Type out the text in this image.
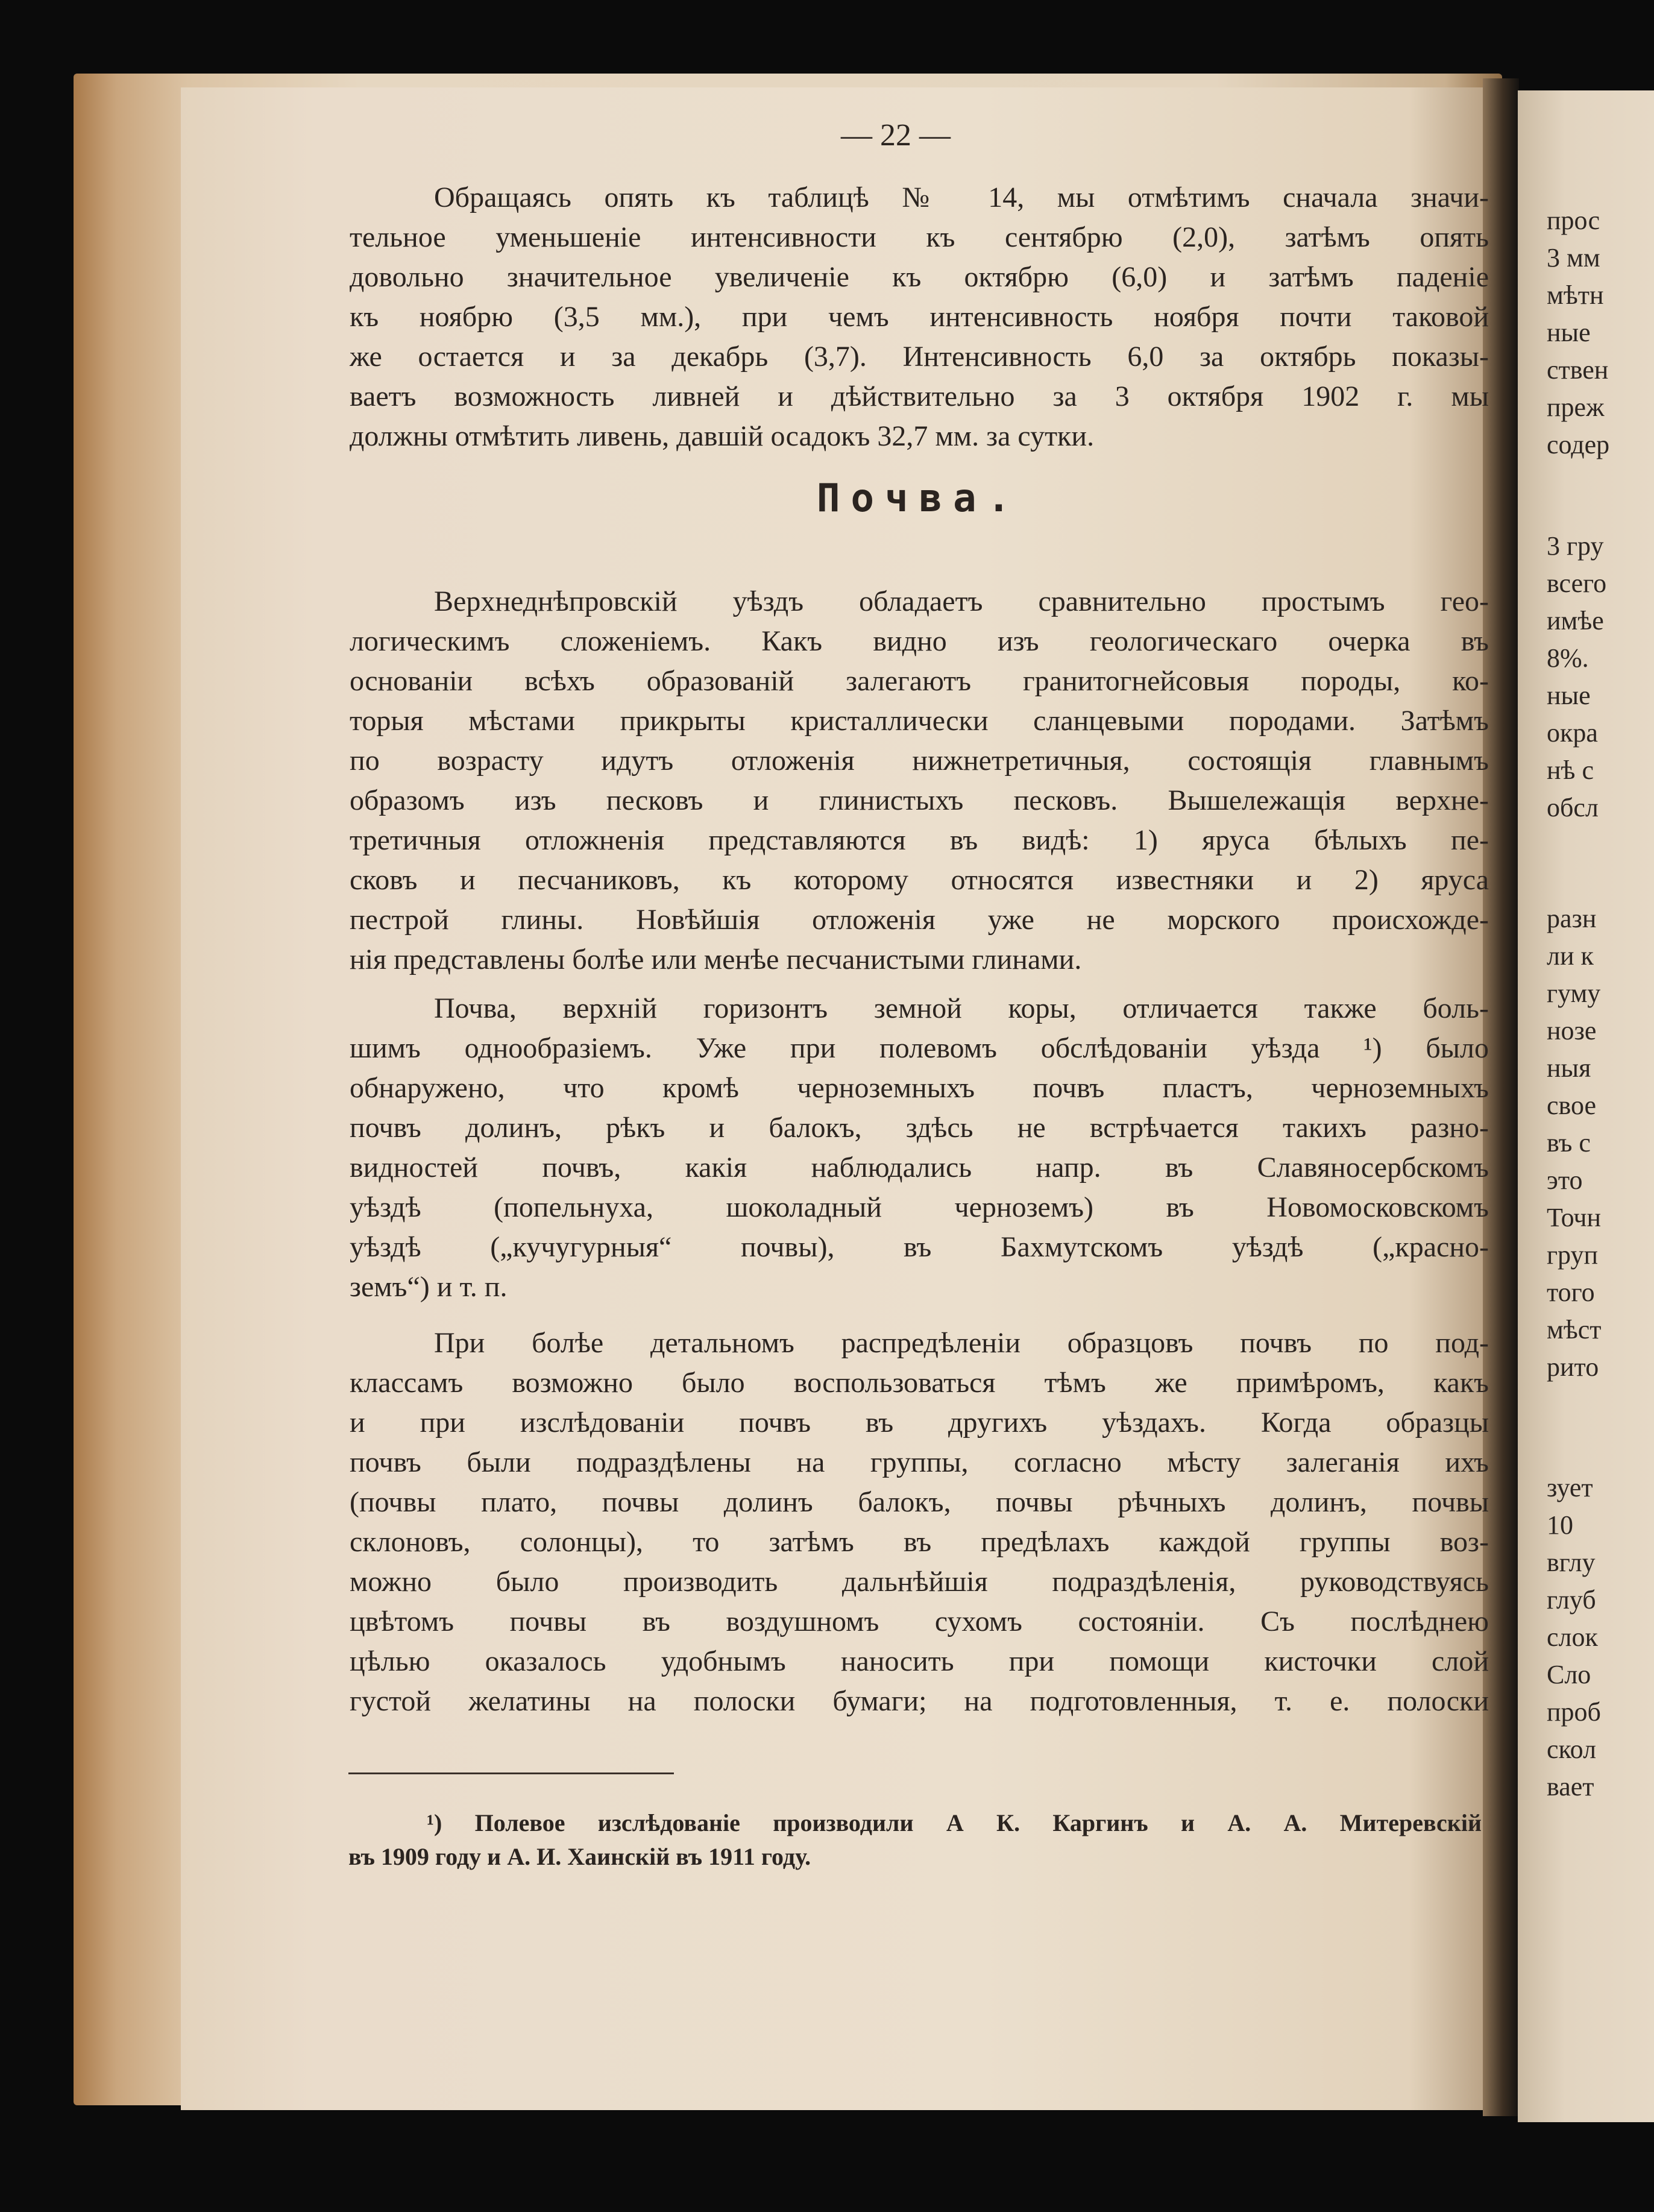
прос
3 мм
мѣтн
ные
ствен
преж
содер
3 гру
всего
имѣе
8%.
ные
окра
нѣ с
обсл
разн
ли к
гуму
нозе
ныя
свое
въ с
это
Точн
груп
того
мѣст
рито
зует
10
вглу
глуб
слок
Сло
проб
скол
вает
— 22 —
Обращаясь опять къ таблицѣ № 14, мы отмѣтимъ сначала значи-
тельное уменьшеніе интенсивности къ сентябрю (2,0), затѣмъ опять
довольно значительное увеличеніе къ октябрю (6,0) и затѣмъ паденіе
къ ноябрю (3,5 мм.), при чемъ интенсивность ноября почти таковой
же остается и за декабрь (3,7). Интенсивность 6,0 за октябрь показы-
ваетъ возможность ливней и дѣйствительно за 3 октября 1902 г. мы
должны отмѣтить ливень, давшій осадокъ 32,7 мм. за сутки.
Почва.
Верхнеднѣпровскій уѣздъ обладаетъ сравнительно простымъ гео-
логическимъ сложеніемъ. Какъ видно изъ геологическаго очерка въ
основаніи всѣхъ образованій залегаютъ гранитогнейсовыя породы, ко-
торыя мѣстами прикрыты кристаллически сланцевыми породами. Затѣмъ
по возрасту идутъ отложенія нижнетретичныя, состоящія главнымъ
образомъ изъ песковъ и глинистыхъ песковъ. Вышележащія верхне-
третичныя отложненія представляются въ видѣ: 1) яруса бѣлыхъ пе-
сковъ и песчаниковъ, къ которому относятся известняки и 2) яруса
пестрой глины. Новѣйшія отложенія уже не морского происхожде-
нія представлены болѣе или менѣе песчанистыми глинами.
Почва, верхній горизонтъ земной коры, отличается также боль-
шимъ однообразіемъ. Уже при полевомъ обслѣдованіи уѣзда ¹) было
обнаружено, что кромѣ черноземныхъ почвъ пластъ, черноземныхъ
почвъ долинъ, рѣкъ и балокъ, здѣсь не встрѣчается такихъ разно-
видностей почвъ, какія наблюдались напр. въ Славяносербскомъ
уѣздѣ (попельнуха, шоколадный черноземъ) въ Новомосковскомъ
уѣздѣ („кучугурныя“ почвы), въ Бахмутскомъ уѣздѣ („красно-
земъ“) и т. п.
При болѣе детальномъ распредѣленіи образцовъ почвъ по под-
классамъ возможно было воспользоваться тѣмъ же примѣромъ, какъ
и при изслѣдованіи почвъ въ другихъ уѣздахъ. Когда образцы
почвъ были подраздѣлены на группы, согласно мѣсту залеганія ихъ
(почвы плато, почвы долинъ балокъ, почвы рѣчныхъ долинъ, почвы
склоновъ, солонцы), то затѣмъ въ предѣлахъ каждой группы воз-
можно было производить дальнѣйшія подраздѣленія, руководствуясь
цвѣтомъ почвы въ воздушномъ сухомъ состояніи. Съ послѣднею
цѣлью оказалось удобнымъ наносить при помощи кисточки слой
густой желатины на полоски бумаги; на подготовленныя, т. е. полоски
¹) Полевое изслѣдованіе производили А К. Каргинъ и А. А. Митеревскій
въ 1909 году и А. И. Хаинскій въ 1911 году.
